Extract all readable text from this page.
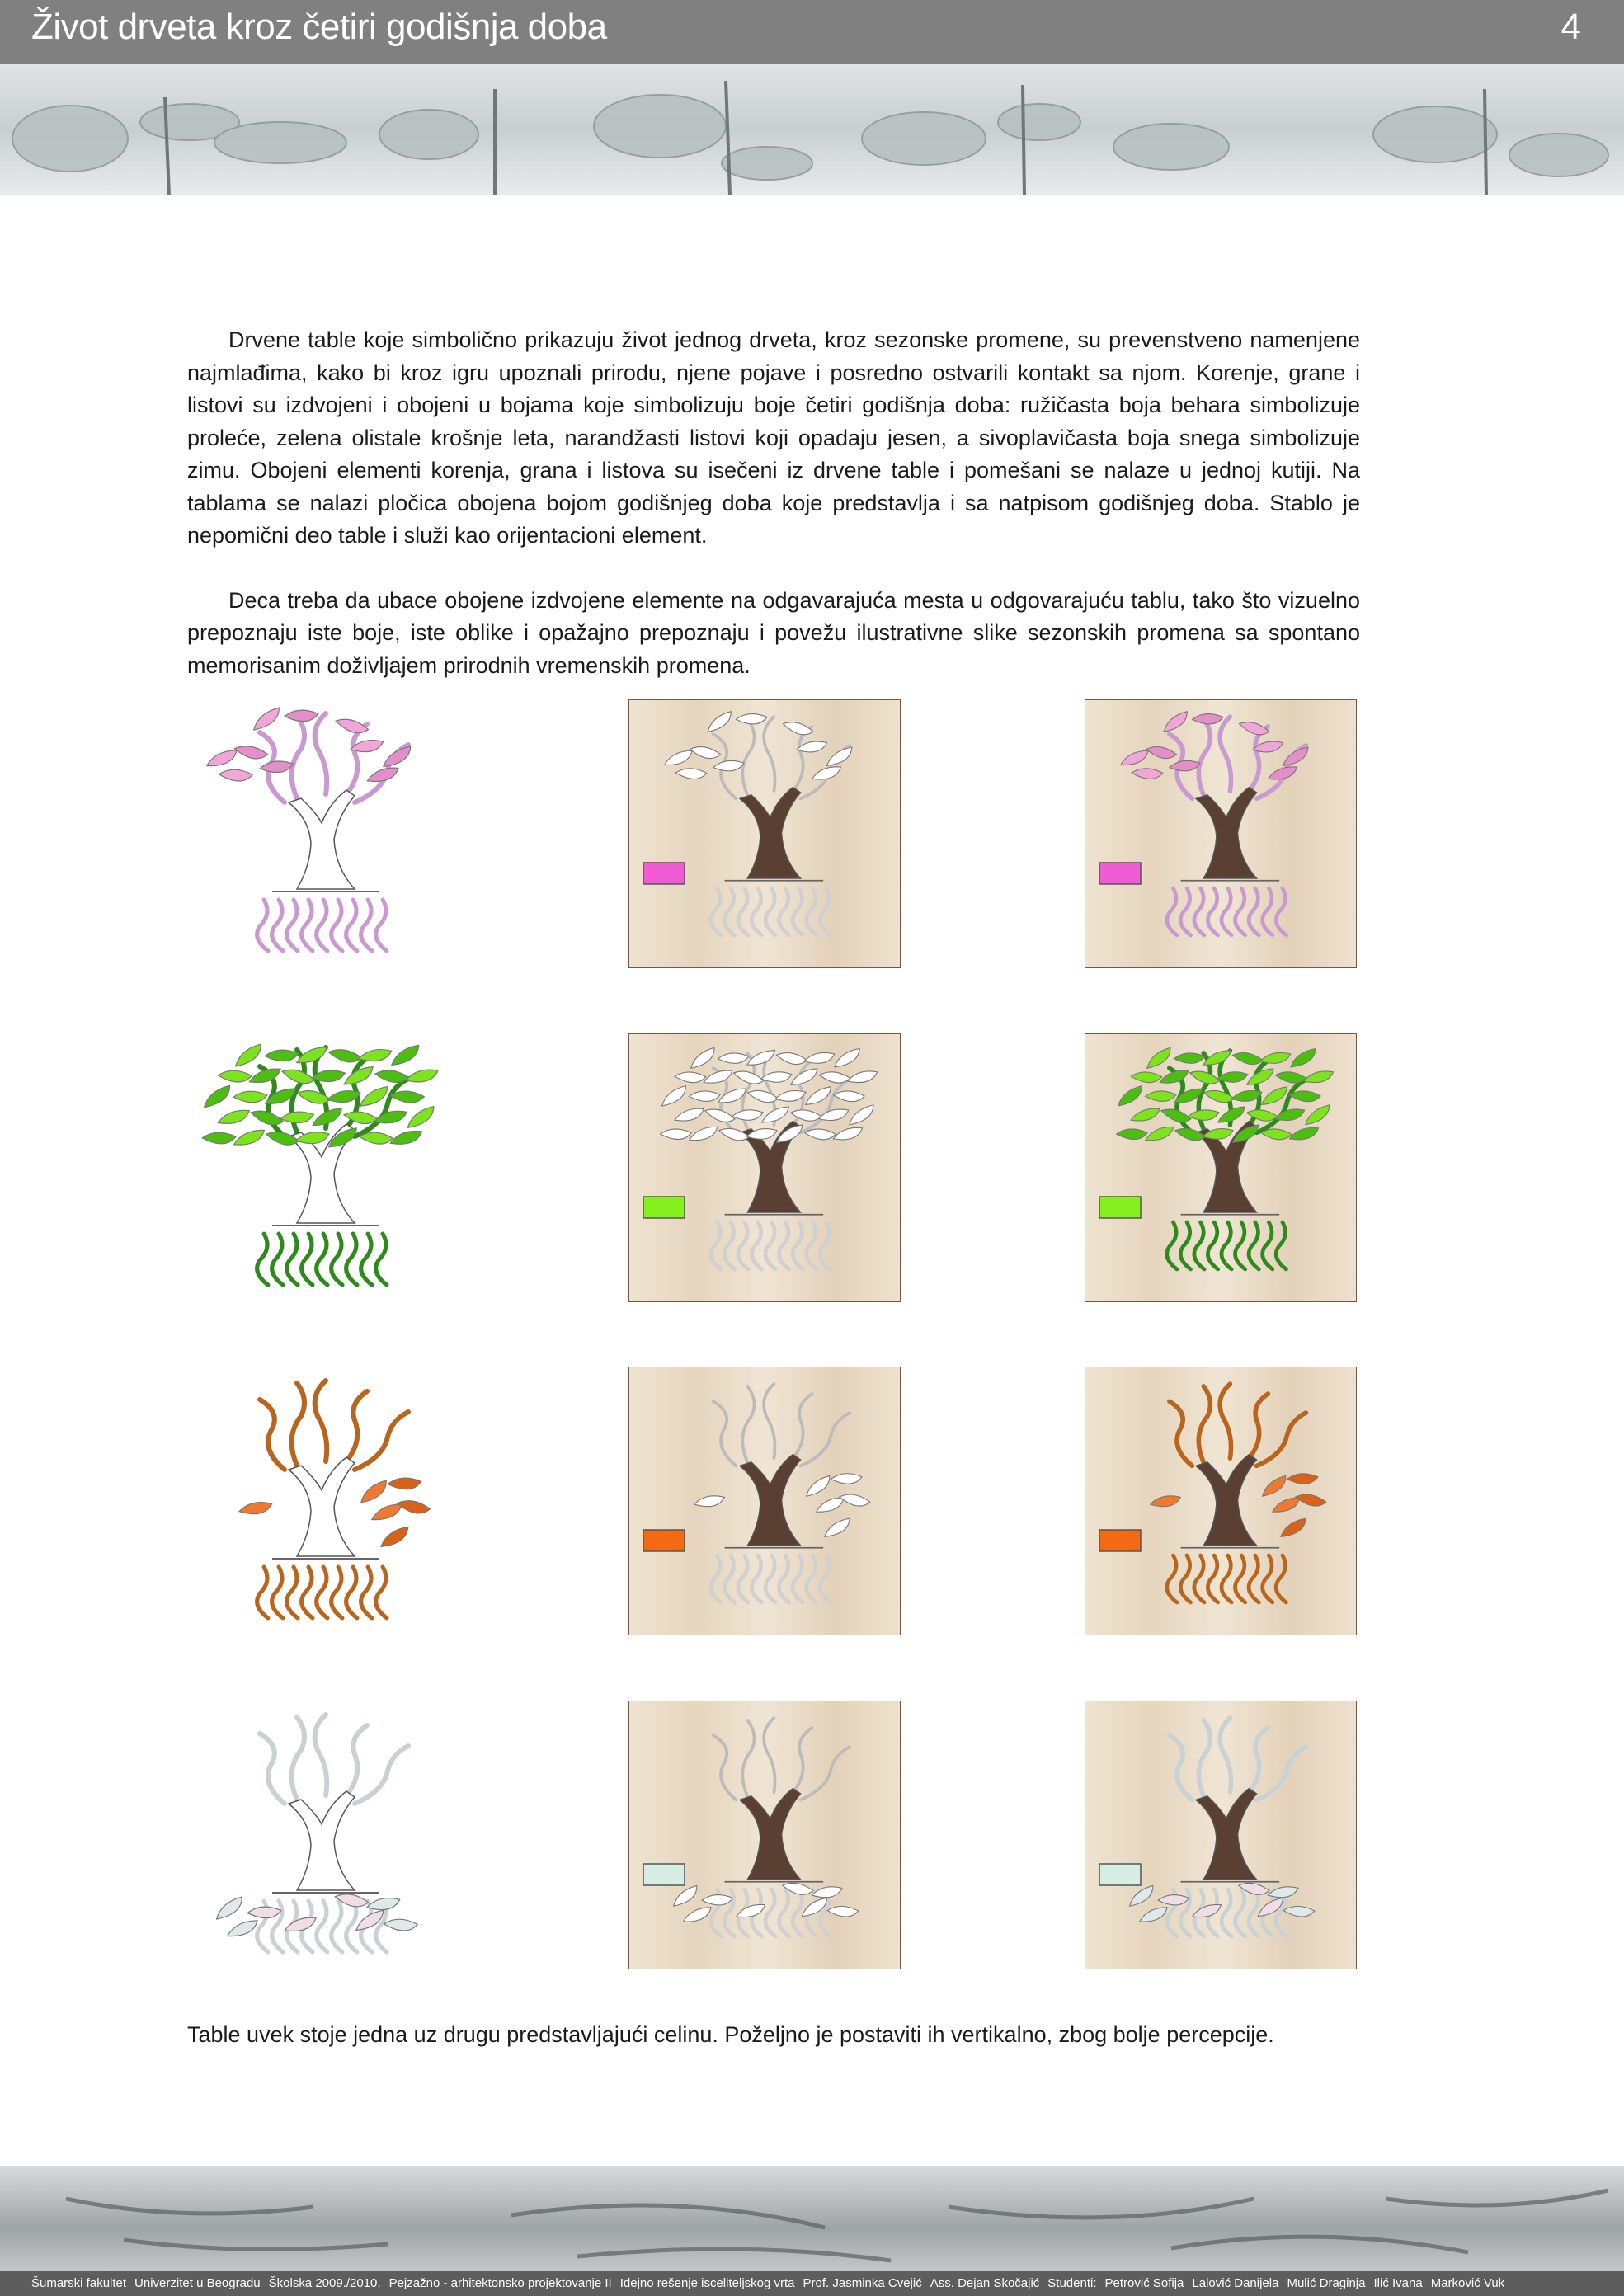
Život drveta kroz četiri godišnja doba	4

Drvene table koje simbolično prikazuju život jednog drveta, kroz sezonske promene, su prevenstveno namenjene najmlađima, kako bi kroz igru upoznali prirodu, njene pojave i posredno ostvarili kontakt sa njom. Korenje, grane i listovi su izdvojeni i obojeni u bojama koje simbolizuju boje četiri godišnja doba: ružičasta boja behara simbolizuje proleće, zelena olistale krošnje leta, narandžasti listovi koji opadaju jesen, a sivoplavičasta boja snega simbolizuje zimu. Obojeni elementi korenja, grana i listova su isečeni iz drvene table i pomešani se nalaze u jednoj kutiji. Na tablama se nalazi pločica obojena bojom godišnjeg doba koje predstavlja i sa natpisom godišnjeg doba. Stablo je nepomični deo table i služi kao orijentacioni element.

Deca treba da ubace obojene izdvojene elemente na odgavarajuća mesta u odgovarajuću tablu, tako što vizuelno prepoznaju iste boje, iste oblike i opažajno prepoznaju i povežu ilustrativne slike sezonskih promena sa spontano memorisanim doživljajem prirodnih vremenskih promena.

Table uvek stoje jedna uz drugu predstavljajući celinu. Poželjno je postaviti ih vertikalno, zbog bolje percepcije.
Šumarski fakultet Univerzitet u Beogradu Školska 2009./2010. Pejzažno - arhitektonsko projektovanje II Idejno rešenje isceliteljskog vrta Prof. Jasminka Cvejić Ass. Dejan Skočajić Studenti: Petrović Sofija Lalović Danijela Mulić Draginja Ilić Ivana Marković Vuk
